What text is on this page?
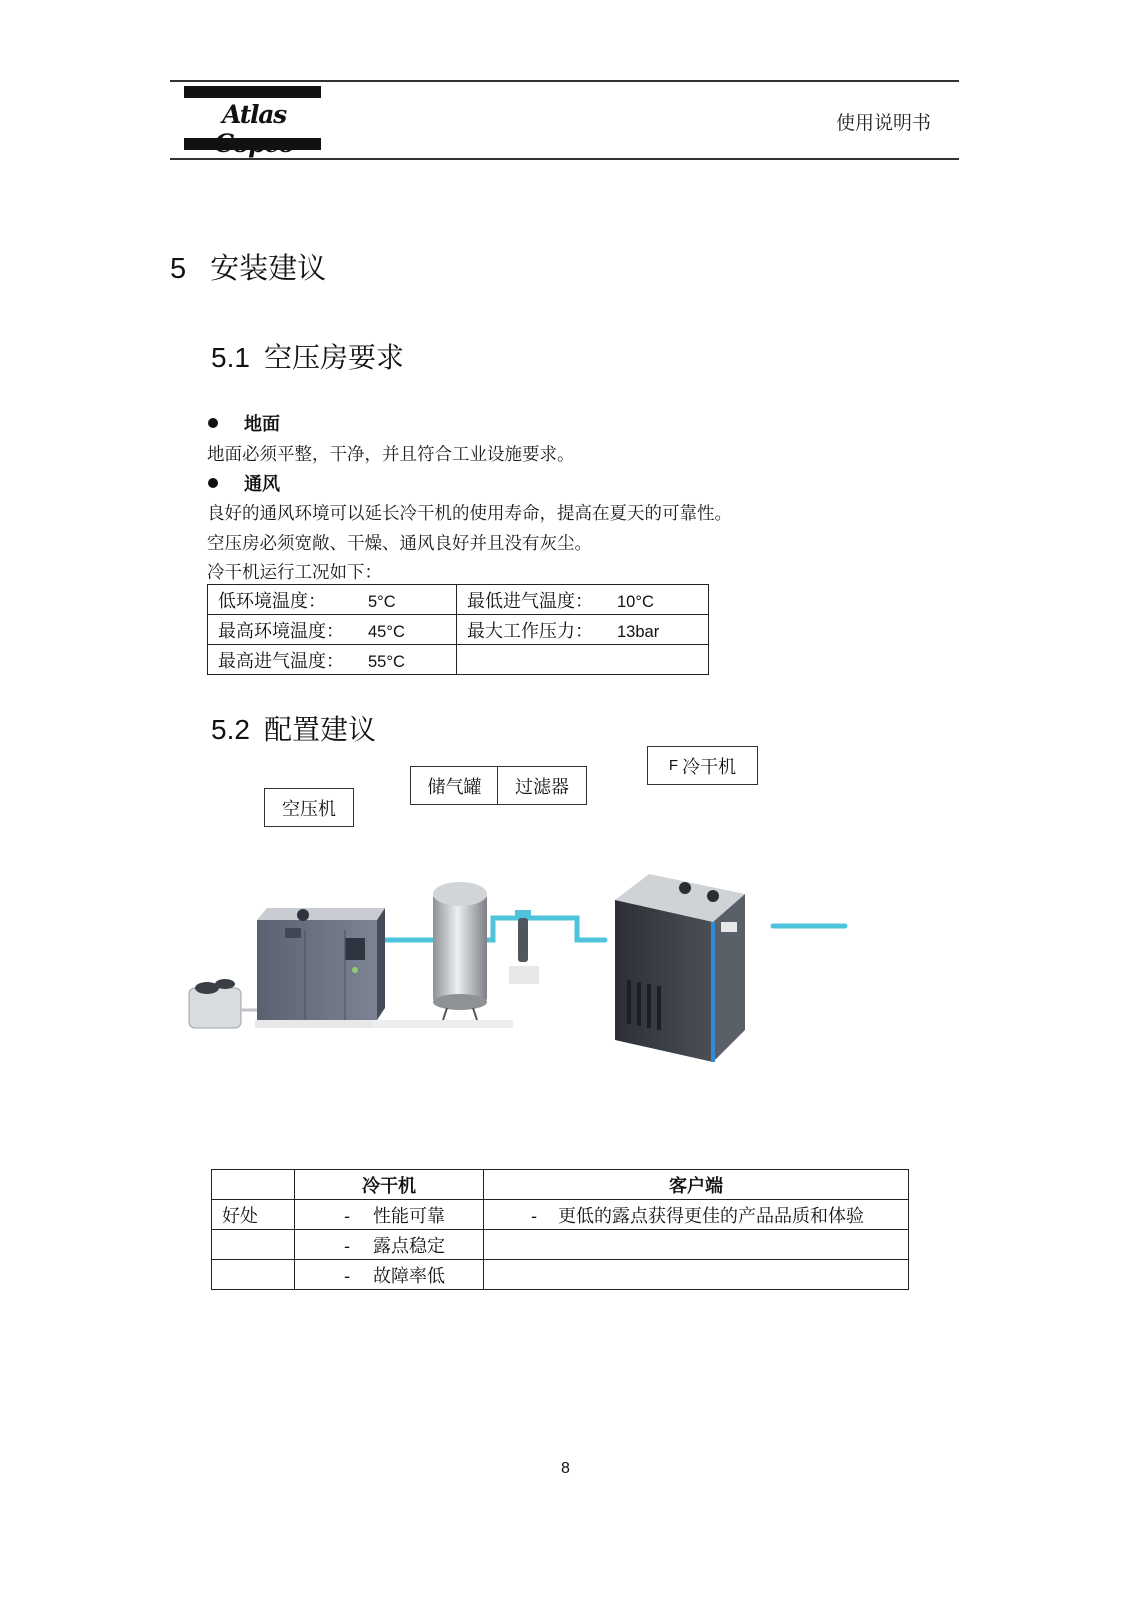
Atlas	使用说明书
5 安装建议
5.1 空压房要求
地面
地面必须平整，干净，并且符合工业设施要求。
通风
良好的通风环境可以延长冷干机的使用寿命，提高在夏天的可靠性。
空压房必须宽敞、干燥、通风良好并且没有灰尘。
冷干机运行工况如下：
低环境温度： 5°C	最低进气温度： 10°C
最高环境温度： 45°C	最大工作压力： 13bar
最高进气温度： 55°C	
5.2 配置建议
空压机
储气罐 过滤器
F 冷干机
	冷干机	客户端
好处	- 性能可靠	- 更低的露点获得更佳的产品品质和体验
	- 露点稳定	
	- 故障率低	
8
